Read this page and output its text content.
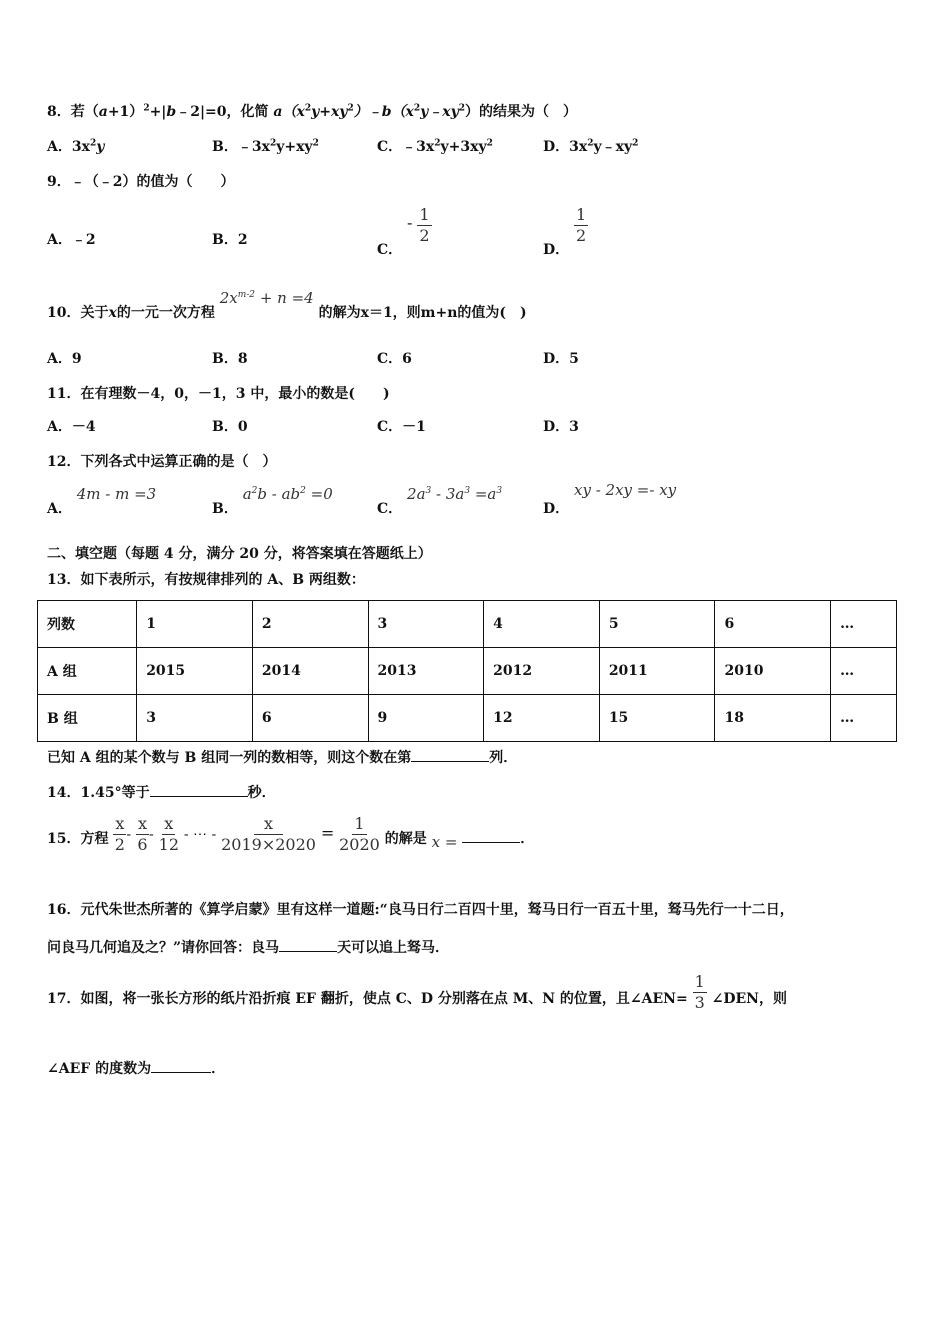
8．若$(a+1)^2+|b﹣2|=0$，化简 $a(x^2y+xy^2)﹣b(x^2y﹣xy^2)$的结果为（　）
A．$3x^2y$	B．$﹣3x^2y+xy^2$	C．$﹣3x^2y+3xy^2$	D．$3x^2y﹣xy^2$
9．﹣（﹣2）的值为（　　）
A．﹣2	B．2
C． - $\frac{1}{2}$
D．
$\frac{1}{2}$
10．关于x的一元一次方程 $2x^{m-2} + n =4$ 的解为x＝1，则m+n的值为(　)
A．9	B．8	C．6	D．5
11．在有理数－4，0，－1，3 中，最小的数是(　　)
A．－4	B．0	C．－1	D．3
12．下列各式中运算正确的是（　）
A． 4m - m =3
B． $a^2b - ab^2 =0$
C． $2a^3 - 3a^3 =a^3$
D． xy - 2xy =- xy
二、填空题（每题 4 分，满分 20 分，将答案填在答题纸上）
13．如下表所示，有按规律排列的 A、B 两组数：
列数	1	2	3	4	5	6	…
A 组	2015	2014	2013	2012	2011	2010	…
B 组	3	6	9	12	15	18	…
已知 A 组的某个数与 B 组同一列的数相等，则这个数在第	列．
14．1.45°等于	秒．
15．方程 $\frac{x}{2} - \frac{x}{6} - \frac{x}{12}$ - ⋯ - $\frac{x}{2019\times 2020} = \frac{1}{2020}$ 的解是 x =	．
16．元代朱世杰所著的《算学启蒙》里有这样一道题:“良马日行二百四十里，驽马日行一百五十里，驽马先行一十二日，
问良马几何追及之？”请你回答：良马	天可以追上驽马．
17．如图，将一张长方形的纸片沿折痕 EF 翻折，使点 C、D 分别落在点 M、N 的位置，且∠AEN= $\frac{1}{3}$ ∠DEN，则
∠AEF 的度数为	．
